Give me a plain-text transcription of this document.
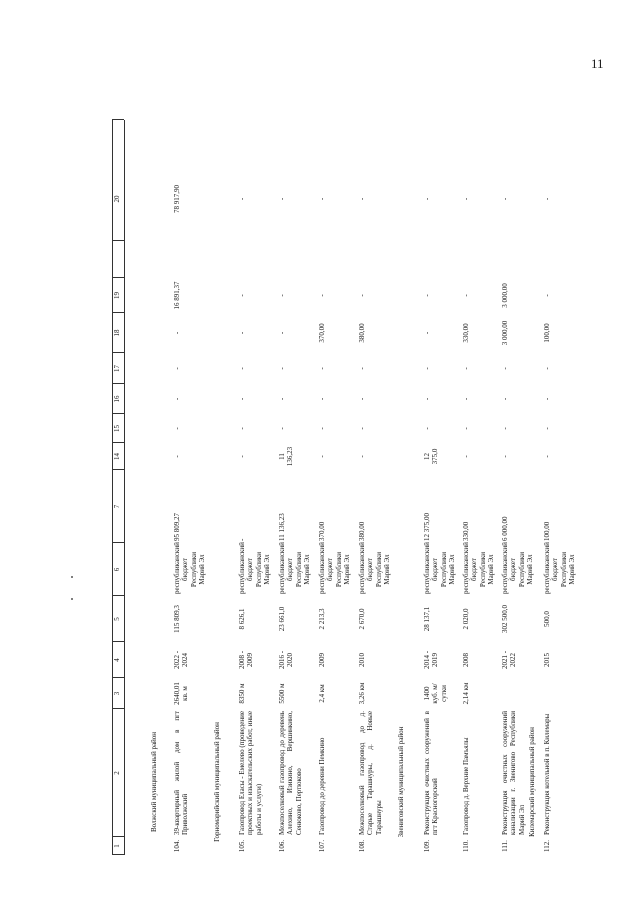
11
1
2
3
4
5
6
7
14
15
16
17
18
19
20
Волжский муниципальный район
104.
39-квартирный жилой дом в пгт Приволжский
2640,01 кв. м
2022 - 2024
115 809,3
республиканский бюджет Республики Марий Эл
95 809,27
-
-
-
-
-
16 891,37
78 917,90
Горномарийский муниципальный район
105.
Газопровод Еласы - Емелево (проведение проектных и изыскательских работ, иные работы и услуги)
8350 м
2008 - 2009
8 626,1
республиканский бюджет Республики Марий Эл
-
-
-
-
-
-
-
-
106.
Межпоселковый газопровод до деревень Алехино, Изикино, Вершинкино, Сенюково, Пертюково
5500 м
2016 - 2020
23 661,0
республиканский бюджет Республики Марий Эл
11 136,23
11 136,23
-
-
-
-
-
-
107.
Газопровод до деревни Пемкино
2,4 км
2009
2 213,3
республиканский бюджет Республики Марий Эл
370,00
-
-
-
-
370,00
-
-
108.
Межпоселковый газопровод до д. Старые Тарашнуры, д. Новые Тарашнуры
3,26 км
2010
2 670,0
республиканский бюджет Республики Марий Эл
380,00
-
-
-
-
380,00
-
-
Звениговский муниципальный район
109.
Реконструкция очистных сооружений в пгт Красногорский
1400 куб. м/сутки
2014 - 2019
28 137,1
республиканский бюджет Республики Марий Эл
12 375,00
12 375,0
-
-
-
-
-
-
110.
Газопровод д. Верхние Памъялы
2,14 км
2008
2 020,0
республиканский бюджет Республики Марий Эл
330,00
-
-
-
-
330,00
-
-
111.
Реконструкция очистных сооружений канализации г. Звенигово Республики Марий Эл
2021 - 2022
302 500,0
республиканский бюджет Республики Марий Эл
6 000,00
-
-
-
-
3 000,00
3 000,00
-
Килемарский муниципальный район
112.
Реконструкция котельной в п. Килемары
2015
500,0
республиканский бюджет Республики Марий Эл
100,00
-
-
-
-
100,00
-
-
